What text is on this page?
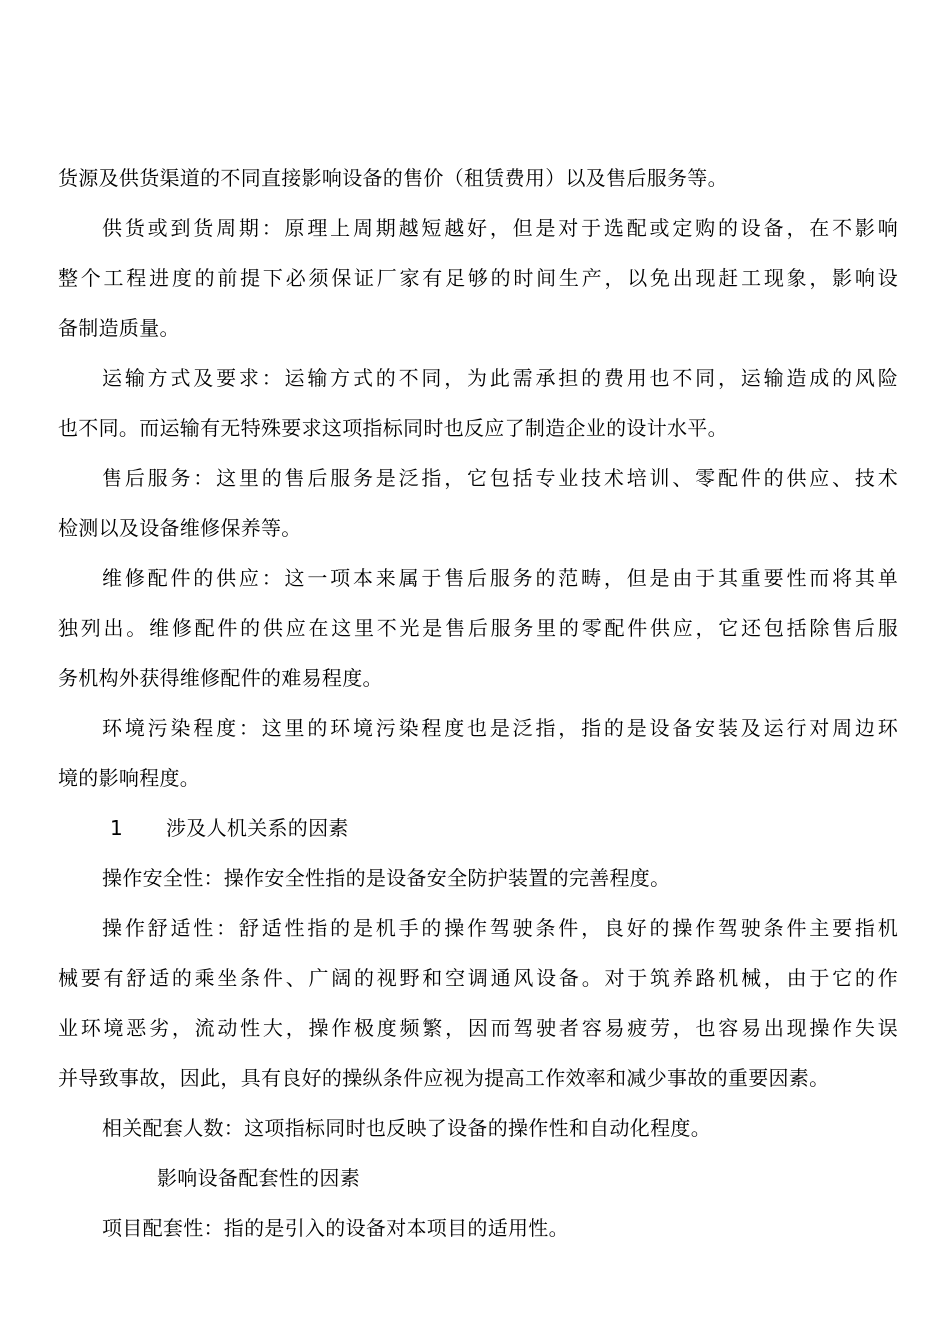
货源及供货渠道的不同直接影响设备的售价（租赁费用）以及售后服务等。
供货或到货周期：原理上周期越短越好，但是对于选配或定购的设备，在不影响
整个工程进度的前提下必须保证厂家有足够的时间生产，以免出现赶工现象，影响设
备制造质量。
运输方式及要求：运输方式的不同，为此需承担的费用也不同，运输造成的风险
也不同。而运输有无特殊要求这项指标同时也反应了制造企业的设计水平。
售后服务：这里的售后服务是泛指，它包括专业技术培训、零配件的供应、技术
检测以及设备维修保养等。
维修配件的供应：这一项本来属于售后服务的范畴，但是由于其重要性而将其单
独列出。维修配件的供应在这里不光是售后服务里的零配件供应，它还包括除售后服
务机构外获得维修配件的难易程度。
环境污染程度：这里的环境污染程度也是泛指，指的是设备安装及运行对周边环
境的影响程度。
1 涉及人机关系的因素
操作安全性：操作安全性指的是设备安全防护装置的完善程度。
操作舒适性：舒适性指的是机手的操作驾驶条件，良好的操作驾驶条件主要指机
械要有舒适的乘坐条件、广阔的视野和空调通风设备。对于筑养路机械，由于它的作
业环境恶劣，流动性大，操作极度频繁，因而驾驶者容易疲劳，也容易出现操作失误
并导致事故，因此，具有良好的操纵条件应视为提高工作效率和减少事故的重要因素。
相关配套人数：这项指标同时也反映了设备的操作性和自动化程度。
影响设备配套性的因素
项目配套性：指的是引入的设备对本项目的适用性。
